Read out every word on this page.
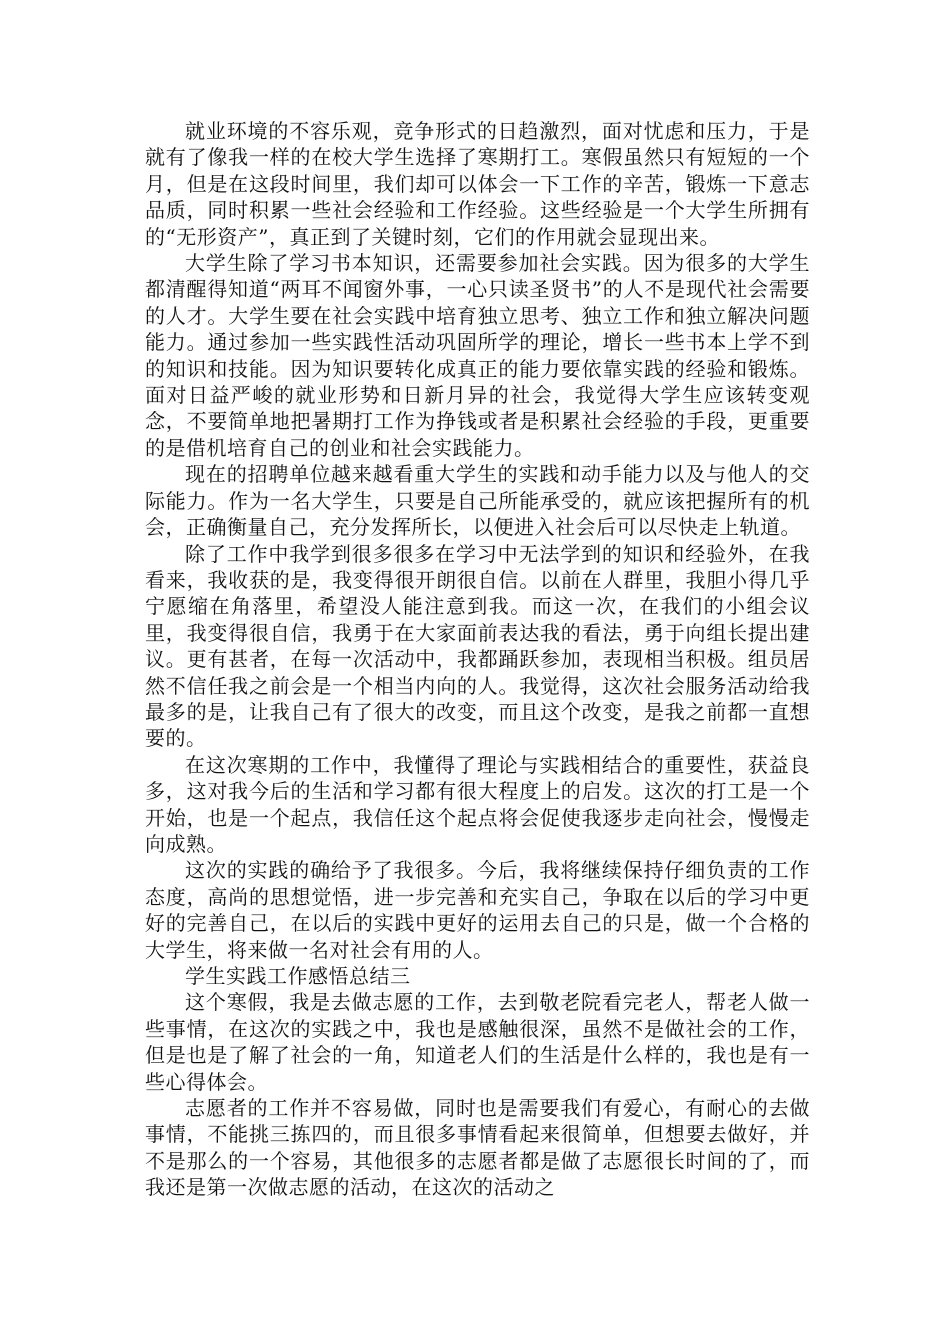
就业环境的不容乐观，竞争形式的日趋激烈，面对忧虑和压力，于是就有了像我一样的在校大学生选择了寒期打工。寒假虽然只有短短的一个月，但是在这段时间里，我们却可以体会一下工作的辛苦，锻炼一下意志品质，同时积累一些社会经验和工作经验。这些经验是一个大学生所拥有的“无形资产”，真正到了关键时刻，它们的作用就会显现出来。

大学生除了学习书本知识，还需要参加社会实践。因为很多的大学生都清醒得知道“两耳不闻窗外事，一心只读圣贤书”的人不是现代社会需要的人才。大学生要在社会实践中培育独立思考、独立工作和独立解决问题能力。通过参加一些实践性活动巩固所学的理论，增长一些书本上学不到的知识和技能。因为知识要转化成真正的能力要依靠实践的经验和锻炼。面对日益严峻的就业形势和日新月异的社会，我觉得大学生应该转变观念，不要简单地把暑期打工作为挣钱或者是积累社会经验的手段，更重要的是借机培育自己的创业和社会实践能力。

现在的招聘单位越来越看重大学生的实践和动手能力以及与他人的交际能力。作为一名大学生，只要是自己所能承受的，就应该把握所有的机会，正确衡量自己，充分发挥所长，以便进入社会后可以尽快走上轨道。

除了工作中我学到很多很多在学习中无法学到的知识和经验外，在我看来，我收获的是，我变得很开朗很自信。以前在人群里，我胆小得几乎宁愿缩在角落里，希望没人能注意到我。而这一次，在我们的小组会议里，我变得很自信，我勇于在大家面前表达我的看法，勇于向组长提出建议。更有甚者，在每一次活动中，我都踊跃参加，表现相当积极。组员居然不信任我之前会是一个相当内向的人。我觉得，这次社会服务活动给我最多的是，让我自己有了很大的改变，而且这个改变，是我之前都一直想要的。

在这次寒期的工作中，我懂得了理论与实践相结合的重要性，获益良多，这对我今后的生活和学习都有很大程度上的启发。这次的打工是一个开始，也是一个起点，我信任这个起点将会促使我逐步走向社会，慢慢走向成熟。

这次的实践的确给予了我很多。今后，我将继续保持仔细负责的工作态度，高尚的思想觉悟，进一步完善和充实自己，争取在以后的学习中更好的完善自己，在以后的实践中更好的运用去自己的只是，做一个合格的大学生，将来做一名对社会有用的人。

学生实践工作感悟总结三

这个寒假，我是去做志愿的工作，去到敬老院看完老人，帮老人做一些事情，在这次的实践之中，我也是感触很深，虽然不是做社会的工作，但是也是了解了社会的一角，知道老人们的生活是什么样的，我也是有一些心得体会。

志愿者的工作并不容易做，同时也是需要我们有爱心，有耐心的去做事情，不能挑三拣四的，而且很多事情看起来很简单，但想要去做好，并不是那么的一个容易，其他很多的志愿者都是做了志愿很长时间的了，而我还是第一次做志愿的活动，在这次的活动之
